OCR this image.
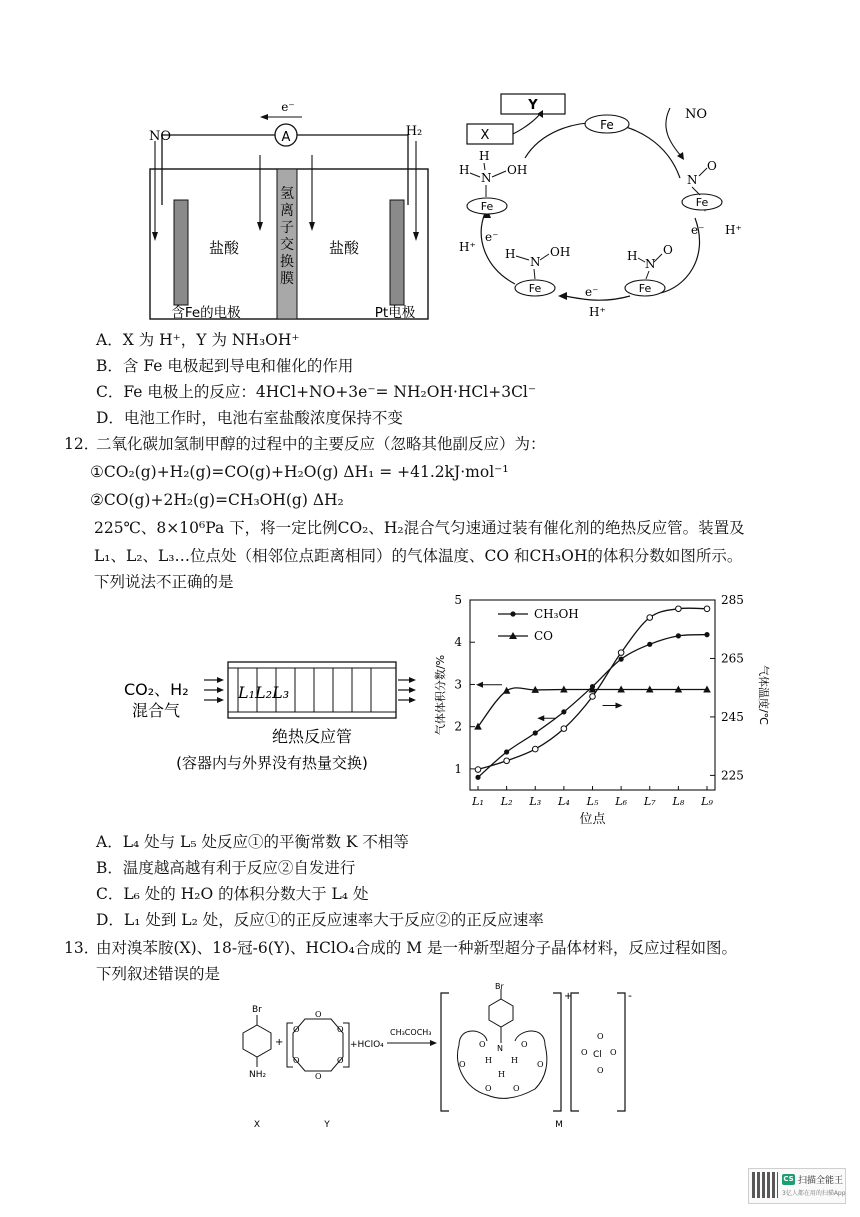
A
e⁻
NO	H₂
盐酸	盐酸
氢
离
子
交
换
膜
含Fe的电极	Pt电极
Y
X
NO
Fe
Fe
Fe
Fe
Fe
N
O
H
N
O
H
N
OH
H
H
N
OH
e⁻ H⁺
e⁻
H⁺
e⁻
H⁺
A．X 为 H⁺，Y 为 NH₃OH⁺
B．含 Fe 电极起到导电和催化的作用
C．Fe 电极上的反应：4HCl+NO+3e⁻= NH₂OH·HCl+3Cl⁻
D．电池工作时，电池右室盐酸浓度保持不变
12．
二氧化碳加氢制甲醇的过程中的主要反应（忽略其他副反应）为：
①CO₂(g)+H₂(g)=CO(g)+H₂O(g) ΔH₁ = +41.2kJ·mol⁻¹
②CO(g)+2H₂(g)=CH₃OH(g) ΔH₂
225℃、8×10⁶Pa 下，将一定比例CO₂、H₂混合气匀速通过装有催化剂的绝热反应管。装置及
L₁、L₂、L₃…位点处（相邻位点距离相同）的气体温度、CO 和CH₃OH的体积分数如图所示。
下列说法不正确的是
CO₂、H₂
混合气
L₁L₂L₃
绝热反应管
(容器内与外界没有热量交换)	1
2
3
4
5
225
245
265
285
L₁ L₂ L₃ L₄ L₅ L₆ L₇ L₈ L₉
位点
气体体积分数/%	气体温度/℃
CH₃OH
CO
A．L₄ 处与 L₅ 处反应①的平衡常数 K 不相等
B．温度越高越有利于反应②自发进行
C．L₆ 处的 H₂O 的体积分数大于 L₄ 处
D．L₁ 处到 L₂ 处，反应①的正反应速率大于反应②的正反应速率
13．
由对溴苯胺(X)、18-冠-6(Y)、HClO₄合成的 M 是一种新型超分子晶体材料，反应过程如图。
下列叙述错误的是
Br
NH₂
+
O
O
O	O
O	O
+HClO₄
CH₃COCH₃
+
Br
N
O	O
O	O
O	O
H H
H
-
Cl
O
O	O
O
X	Y	M
CS 扫描全能王
3亿人都在用的扫描App
